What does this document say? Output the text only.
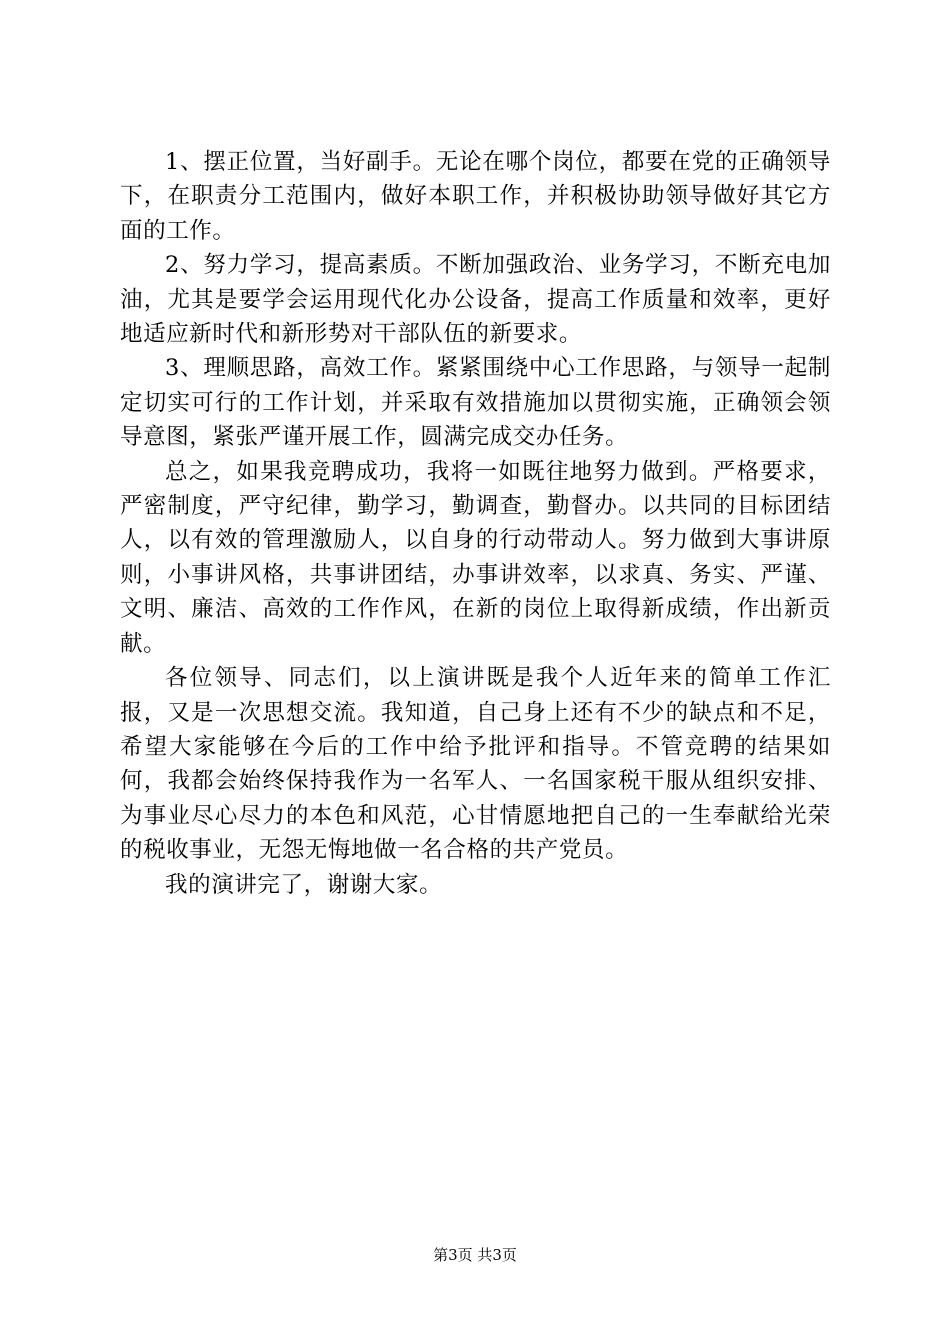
1、摆正位置，当好副手。无论在哪个岗位，都要在党的正确领导下，在职责分工范围内，做好本职工作，并积极协助领导做好其它方面的工作。

2、努力学习，提高素质。不断加强政治、业务学习，不断充电加油，尤其是要学会运用现代化办公设备，提高工作质量和效率，更好地适应新时代和新形势对干部队伍的新要求。

3、理顺思路，高效工作。紧紧围绕中心工作思路，与领导一起制定切实可行的工作计划，并采取有效措施加以贯彻实施，正确领会领导意图，紧张严谨开展工作，圆满完成交办任务。

总之，如果我竞聘成功，我将一如既往地努力做到。严格要求，严密制度，严守纪律，勤学习，勤调查，勤督办。以共同的目标团结人，以有效的管理激励人，以自身的行动带动人。努力做到大事讲原则，小事讲风格，共事讲团结，办事讲效率，以求真、务实、严谨、文明、廉洁、高效的工作作风，在新的岗位上取得新成绩，作出新贡献。

各位领导、同志们，以上演讲既是我个人近年来的简单工作汇报，又是一次思想交流。我知道，自己身上还有不少的缺点和不足，希望大家能够在今后的工作中给予批评和指导。不管竞聘的结果如何，我都会始终保持我作为一名军人、一名国家税干服从组织安排、为事业尽心尽力的本色和风范，心甘情愿地把自己的一生奉献给光荣的税收事业，无怨无悔地做一名合格的共产党员。

我的演讲完了，谢谢大家。

第3页 共3页
